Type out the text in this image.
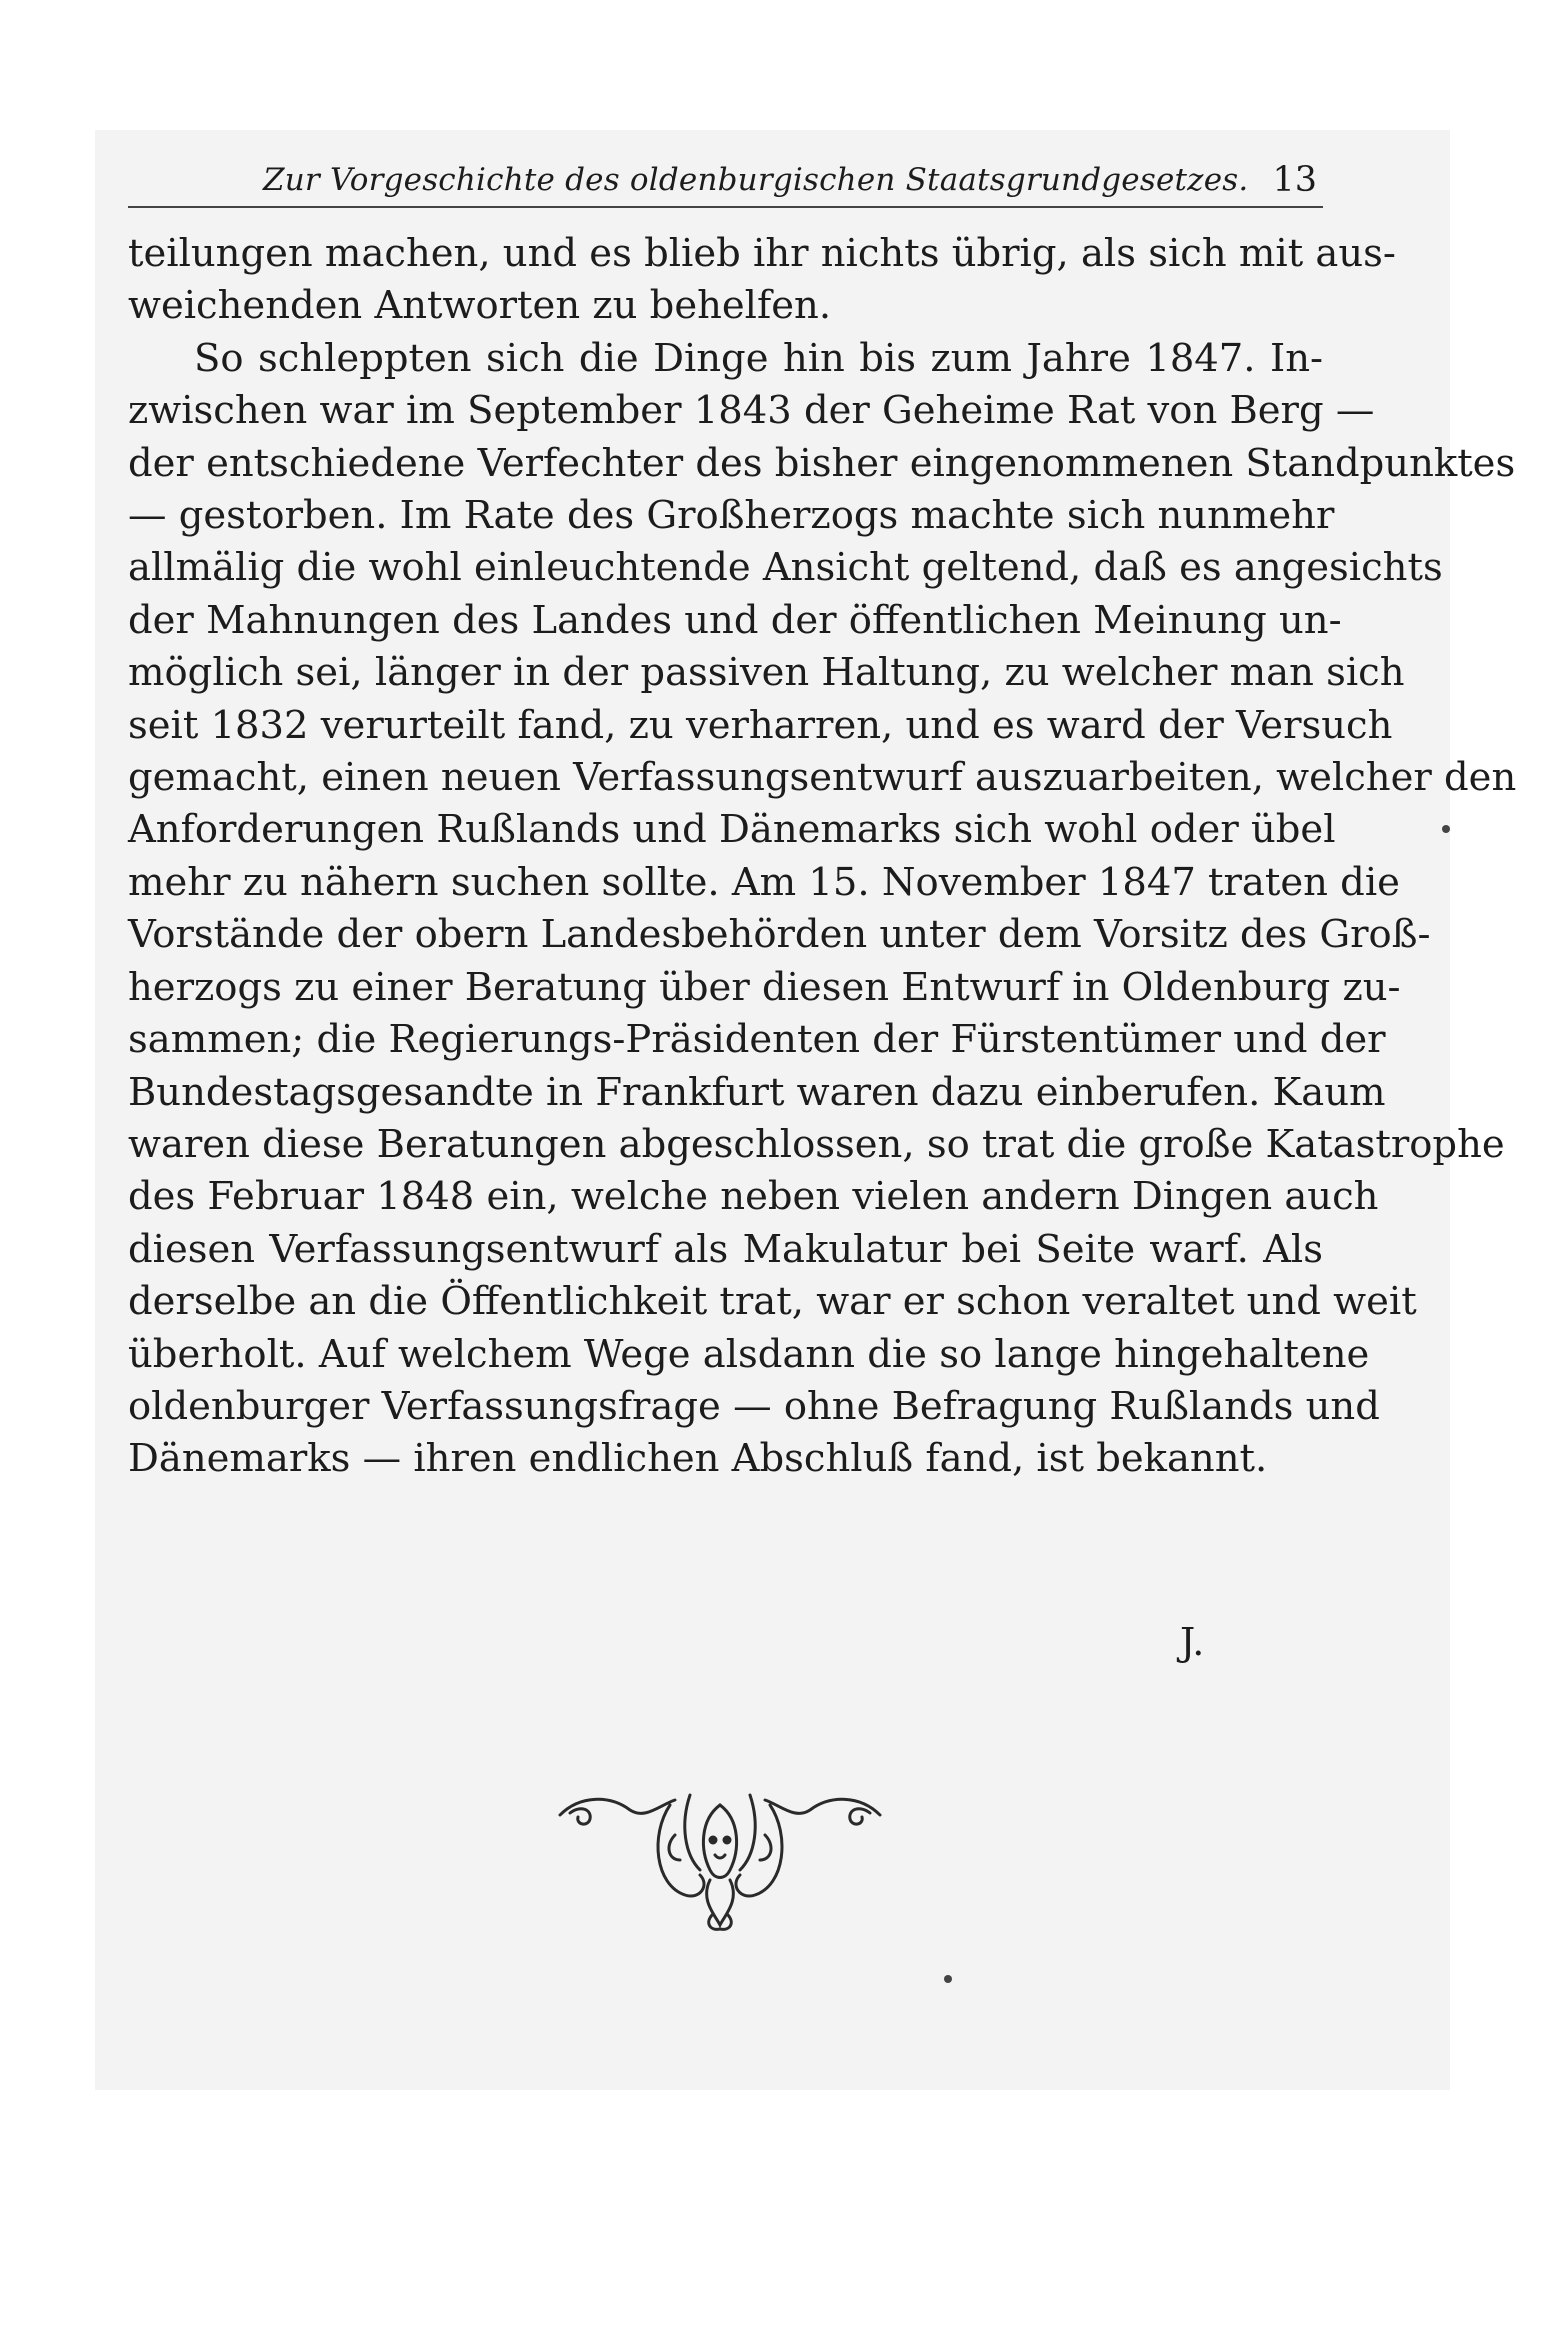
Zur Vorgeschichte des oldenburgischen Staatsgrundgesetzes. 13
teilungen machen, und es blieb ihr nichts übrig, als sich mit aus-
weichenden Antworten zu behelfen.
So schleppten sich die Dinge hin bis zum Jahre 1847. In-
zwischen war im September 1843 der Geheime Rat von Berg —
der entschiedene Verfechter des bisher eingenommenen Standpunktes
— gestorben. Im Rate des Großherzogs machte sich nunmehr
allmälig die wohl einleuchtende Ansicht geltend, daß es angesichts
der Mahnungen des Landes und der öffentlichen Meinung un-
möglich sei, länger in der passiven Haltung, zu welcher man sich
seit 1832 verurteilt fand, zu verharren, und es ward der Versuch
gemacht, einen neuen Verfassungsentwurf auszuarbeiten, welcher den
Anforderungen Rußlands und Dänemarks sich wohl oder übel
mehr zu nähern suchen sollte. Am 15. November 1847 traten die
Vorstände der obern Landesbehörden unter dem Vorsitz des Groß-
herzogs zu einer Beratung über diesen Entwurf in Oldenburg zu-
sammen; die Regierungs-Präsidenten der Fürstentümer und der
Bundestagsgesandte in Frankfurt waren dazu einberufen. Kaum
waren diese Beratungen abgeschlossen, so trat die große Katastrophe
des Februar 1848 ein, welche neben vielen andern Dingen auch
diesen Verfassungsentwurf als Makulatur bei Seite warf. Als
derselbe an die Öffentlichkeit trat, war er schon veraltet und weit
überholt. Auf welchem Wege alsdann die so lange hingehaltene
oldenburger Verfassungsfrage — ohne Befragung Rußlands und
Dänemarks — ihren endlichen Abschluß fand, ist bekannt.
J.
